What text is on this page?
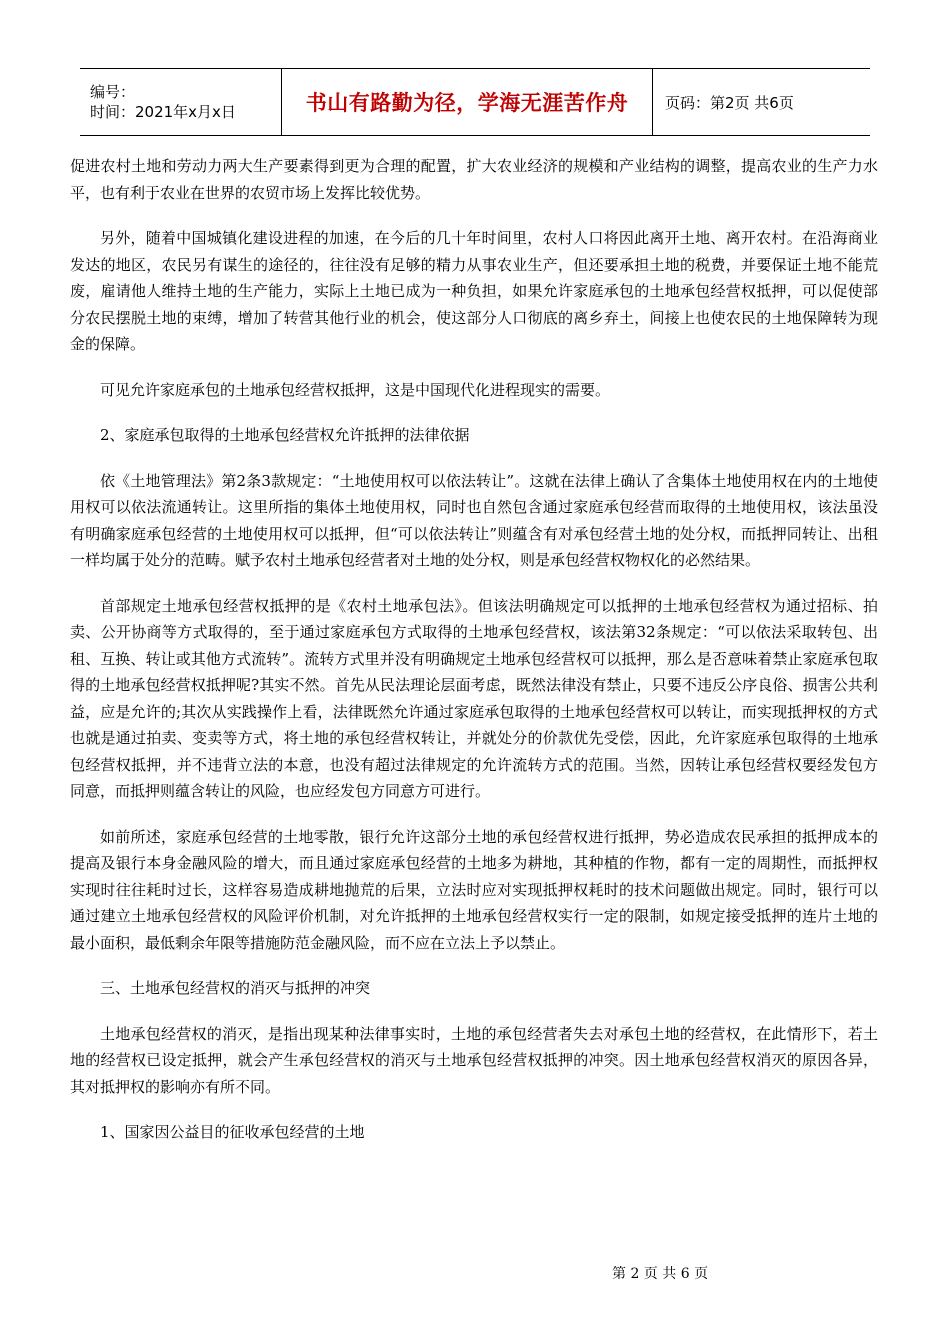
编号：
时间：2021年x月x日	书山有路勤为径，学海无涯苦作舟 页码：第2页 共6页

促进农村土地和劳动力两大生产要素得到更为合理的配置，扩大农业经济的规模和产业结构的调整，提高农业的生产力水平，也有利于农业在世界的农贸市场上发挥比较优势。

另外，随着中国城镇化建设进程的加速，在今后的几十年时间里，农村人口将因此离开土地、离开农村。在沿海商业发达的地区，农民另有谋生的途径的，往往没有足够的精力从事农业生产，但还要承担土地的税费，并要保证土地不能荒废，雇请他人维持土地的生产能力，实际上土地已成为一种负担，如果允许家庭承包的土地承包经营权抵押，可以促使部分农民摆脱土地的束缚，增加了转营其他行业的机会，使这部分人口彻底的离乡弃土，间接上也使农民的土地保障转为现金的保障。

可见允许家庭承包的土地承包经营权抵押，这是中国现代化进程现实的需要。

2、家庭承包取得的土地承包经营权允许抵押的法律依据

依《土地管理法》第2条3款规定：“土地使用权可以依法转让”。这就在法律上确认了含集体土地使用权在内的土地使用权可以依法流通转让。这里所指的集体土地使用权，同时也自然包含通过家庭承包经营而取得的土地使用权，该法虽没有明确家庭承包经营的土地使用权可以抵押，但“可以依法转让”则蕴含有对承包经营土地的处分权，而抵押同转让、出租一样均属于处分的范畴。赋予农村土地承包经营者对土地的处分权，则是承包经营权物权化的必然结果。

首部规定土地承包经营权抵押的是《农村土地承包法》。但该法明确规定可以抵押的土地承包经营权为通过招标、拍卖、公开协商等方式取得的，至于通过家庭承包方式取得的土地承包经营权，该法第32条规定：“可以依法采取转包、出租、互换、转让或其他方式流转”。流转方式里并没有明确规定土地承包经营权可以抵押，那么是否意味着禁止家庭承包取得的土地承包经营权抵押呢?其实不然。首先从民法理论层面考虑，既然法律没有禁止，只要不违反公序良俗、损害公共利益，应是允许的;其次从实践操作上看，法律既然允许通过家庭承包取得的土地承包经营权可以转让，而实现抵押权的方式也就是通过拍卖、变卖等方式，将土地的承包经营权转让，并就处分的价款优先受偿，因此，允许家庭承包取得的土地承包经营权抵押，并不违背立法的本意，也没有超过法律规定的允许流转方式的范围。当然，因转让承包经营权要经发包方同意，而抵押则蕴含转让的风险，也应经发包方同意方可进行。

如前所述，家庭承包经营的土地零散，银行允许这部分土地的承包经营权进行抵押，势必造成农民承担的抵押成本的提高及银行本身金融风险的增大，而且通过家庭承包经营的土地多为耕地，其种植的作物，都有一定的周期性，而抵押权实现时往往耗时过长，这样容易造成耕地抛荒的后果，立法时应对实现抵押权耗时的技术问题做出规定。同时，银行可以通过建立土地承包经营权的风险评价机制，对允许抵押的土地承包经营权实行一定的限制，如规定接受抵押的连片土地的最小面积，最低剩余年限等措施防范金融风险，而不应在立法上予以禁止。

三、土地承包经营权的消灭与抵押的冲突

土地承包经营权的消灭，是指出现某种法律事实时，土地的承包经营者失去对承包土地的经营权，在此情形下，若土地的经营权已设定抵押，就会产生承包经营权的消灭与土地承包经营权抵押的冲突。因土地承包经营权消灭的原因各异，其对抵押权的影响亦有所不同。

1、国家因公益目的征收承包经营的土地

第 2 页 共 6 页
